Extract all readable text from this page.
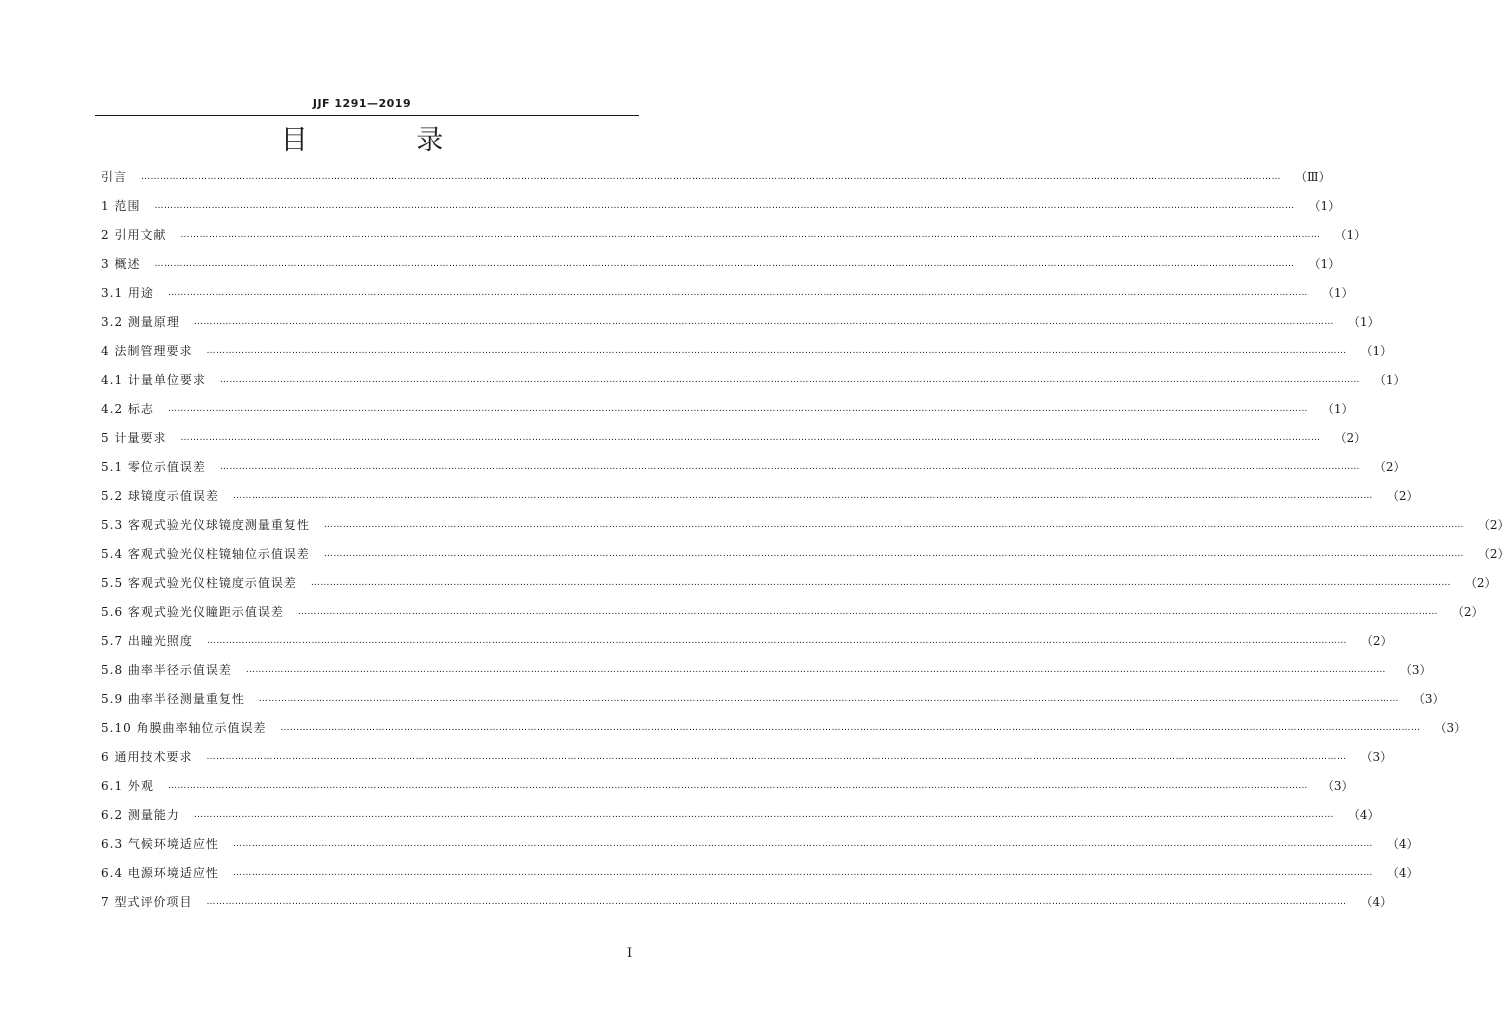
JJF 1291—2019
目 录
引言	……………………………………………………………………………………………………………………………………………………………………………………………………………………………………………………………………………………………………………………………… （Ⅲ）
1 范围	……………………………………………………………………………………………………………………………………………………………………………………………………………………………………………………………………………………………………………………………… （1）
2 引用文献	……………………………………………………………………………………………………………………………………………………………………………………………………………………………………………………………………………………………………………………………… （1）
3 概述	……………………………………………………………………………………………………………………………………………………………………………………………………………………………………………………………………………………………………………………………… （1）
3.1 用途	……………………………………………………………………………………………………………………………………………………………………………………………………………………………………………………………………………………………………………………………… （1）
3.2 测量原理	……………………………………………………………………………………………………………………………………………………………………………………………………………………………………………………………………………………………………………………………… （1）
4 法制管理要求	……………………………………………………………………………………………………………………………………………………………………………………………………………………………………………………………………………………………………………………………… （1）
4.1 计量单位要求	……………………………………………………………………………………………………………………………………………………………………………………………………………………………………………………………………………………………………………………………… （1）
4.2 标志	……………………………………………………………………………………………………………………………………………………………………………………………………………………………………………………………………………………………………………………………… （1）
5 计量要求	……………………………………………………………………………………………………………………………………………………………………………………………………………………………………………………………………………………………………………………………… （2）
5.1 零位示值误差	……………………………………………………………………………………………………………………………………………………………………………………………………………………………………………………………………………………………………………………………… （2）
5.2 球镜度示值误差	……………………………………………………………………………………………………………………………………………………………………………………………………………………………………………………………………………………………………………………………… （2）
5.3 客观式验光仪球镜度测量重复性	……………………………………………………………………………………………………………………………………………………………………………………………………………………………………………………………………………………………………………………………… （2）
5.4 客观式验光仪柱镜轴位示值误差	……………………………………………………………………………………………………………………………………………………………………………………………………………………………………………………………………………………………………………………………… （2）
5.5 客观式验光仪柱镜度示值误差	……………………………………………………………………………………………………………………………………………………………………………………………………………………………………………………………………………………………………………………………… （2）
5.6 客观式验光仪瞳距示值误差	……………………………………………………………………………………………………………………………………………………………………………………………………………………………………………………………………………………………………………………………… （2）
5.7 出瞳光照度	……………………………………………………………………………………………………………………………………………………………………………………………………………………………………………………………………………………………………………………………… （2）
5.8 曲率半径示值误差	……………………………………………………………………………………………………………………………………………………………………………………………………………………………………………………………………………………………………………………………… （3）
5.9 曲率半径测量重复性	……………………………………………………………………………………………………………………………………………………………………………………………………………………………………………………………………………………………………………………………… （3）
5.10 角膜曲率轴位示值误差	……………………………………………………………………………………………………………………………………………………………………………………………………………………………………………………………………………………………………………………………… （3）
6 通用技术要求	……………………………………………………………………………………………………………………………………………………………………………………………………………………………………………………………………………………………………………………………… （3）
6.1 外观	……………………………………………………………………………………………………………………………………………………………………………………………………………………………………………………………………………………………………………………………… （3）
6.2 测量能力	……………………………………………………………………………………………………………………………………………………………………………………………………………………………………………………………………………………………………………………………… （4）
6.3 气候环境适应性	……………………………………………………………………………………………………………………………………………………………………………………………………………………………………………………………………………………………………………………………… （4）
6.4 电源环境适应性	……………………………………………………………………………………………………………………………………………………………………………………………………………………………………………………………………………………………………………………………… （4）
7 型式评价项目	……………………………………………………………………………………………………………………………………………………………………………………………………………………………………………………………………………………………………………………………… （4）
I
